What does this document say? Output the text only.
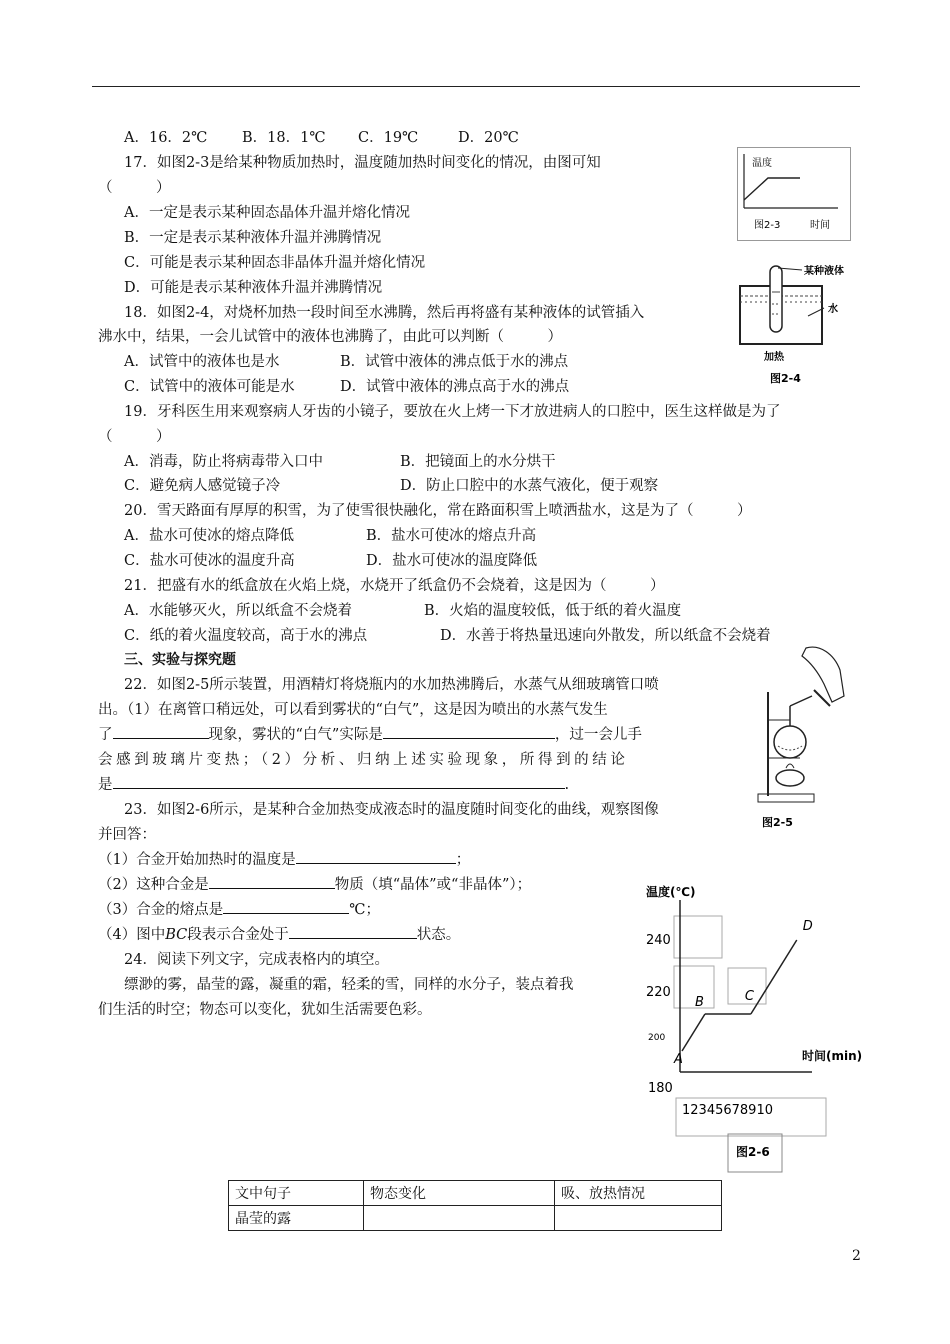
A．16．2℃ B．18．1℃ C．19℃	D．20℃
17．如图2-3是给某种物质加热时，温度随加热时间变化的情况，由图可知
（　　　）
A．一定是表示某种固态晶体升温并熔化情况
B．一定是表示某种液体升温并沸腾情况
C．可能是表示某种固态非晶体升温并熔化情况
D．可能是表示某种液体升温并沸腾情况
温度
图2-3	时间
18．如图2-4，对烧杯加热一段时间至水沸腾，然后再将盛有某种液体的试管插入
沸水中，结果，一会儿试管中的液体也沸腾了，由此可以判断（　　　）
A．试管中的液体也是水	B．试管中液体的沸点低于水的沸点
C．试管中的液体可能是水	D．试管中液体的沸点高于水的沸点
某种液体
水
加热
图2-4
19．牙科医生用来观察病人牙齿的小镜子，要放在火上烤一下才放进病人的口腔中，医生这样做是为了
（　　　）
A．消毒，防止将病毒带入口中	B．把镜面上的水分烘干
C．避免病人感觉镜子冷	D．防止口腔中的水蒸气液化，便于观察
20．雪天路面有厚厚的积雪，为了使雪很快融化，常在路面积雪上喷洒盐水，这是为了（　　　）
A．盐水可使冰的熔点降低	B．盐水可使冰的熔点升高
C．盐水可使冰的温度升高	D．盐水可使冰的温度降低
21．把盛有水的纸盒放在火焰上烧，水烧开了纸盒仍不会烧着，这是因为（　　　）
A．水能够灭火，所以纸盒不会烧着	B．火焰的温度较低，低于纸的着火温度
C．纸的着火温度较高，高于水的沸点	D．水善于将热量迅速向外散发，所以纸盒不会烧着
三、实验与探究题
22．如图2-5所示装置，用酒精灯将烧瓶内的水加热沸腾后，水蒸气从细玻璃管口喷
出。（1）在离管口稍远处，可以看到雾状的“白气”，这是因为喷出的水蒸气发生
了	现象，雾状的“白气”实际是	，过一会儿手
会感到玻璃片变热；（2）分析、归纳上述实验现象，所得到的结论
是	.
图2-5
23．如图2-6所示，是某种合金加热变成液态时的温度随时间变化的曲线，观察图像
并回答：
（1）合金开始加热时的温度是	；
（2）这种合金是	物质（填“晶体”或“非晶体”）；
（3）合金的熔点是	℃；
（4）图中BC段表示合金处于	状态。
24．阅读下列文字，完成表格内的填空。
缥渺的雾，晶莹的露，凝重的霜，轻柔的雪，同样的水分子，装点着我
们生活的时空；物态可以变化，犹如生活需要色彩。
温度(℃)
时间(min)
240
220
200
180
12345678910
A
B	C
D
图2-6
文中句子	物态变化	吸、放热情况
晶莹的露		
2
